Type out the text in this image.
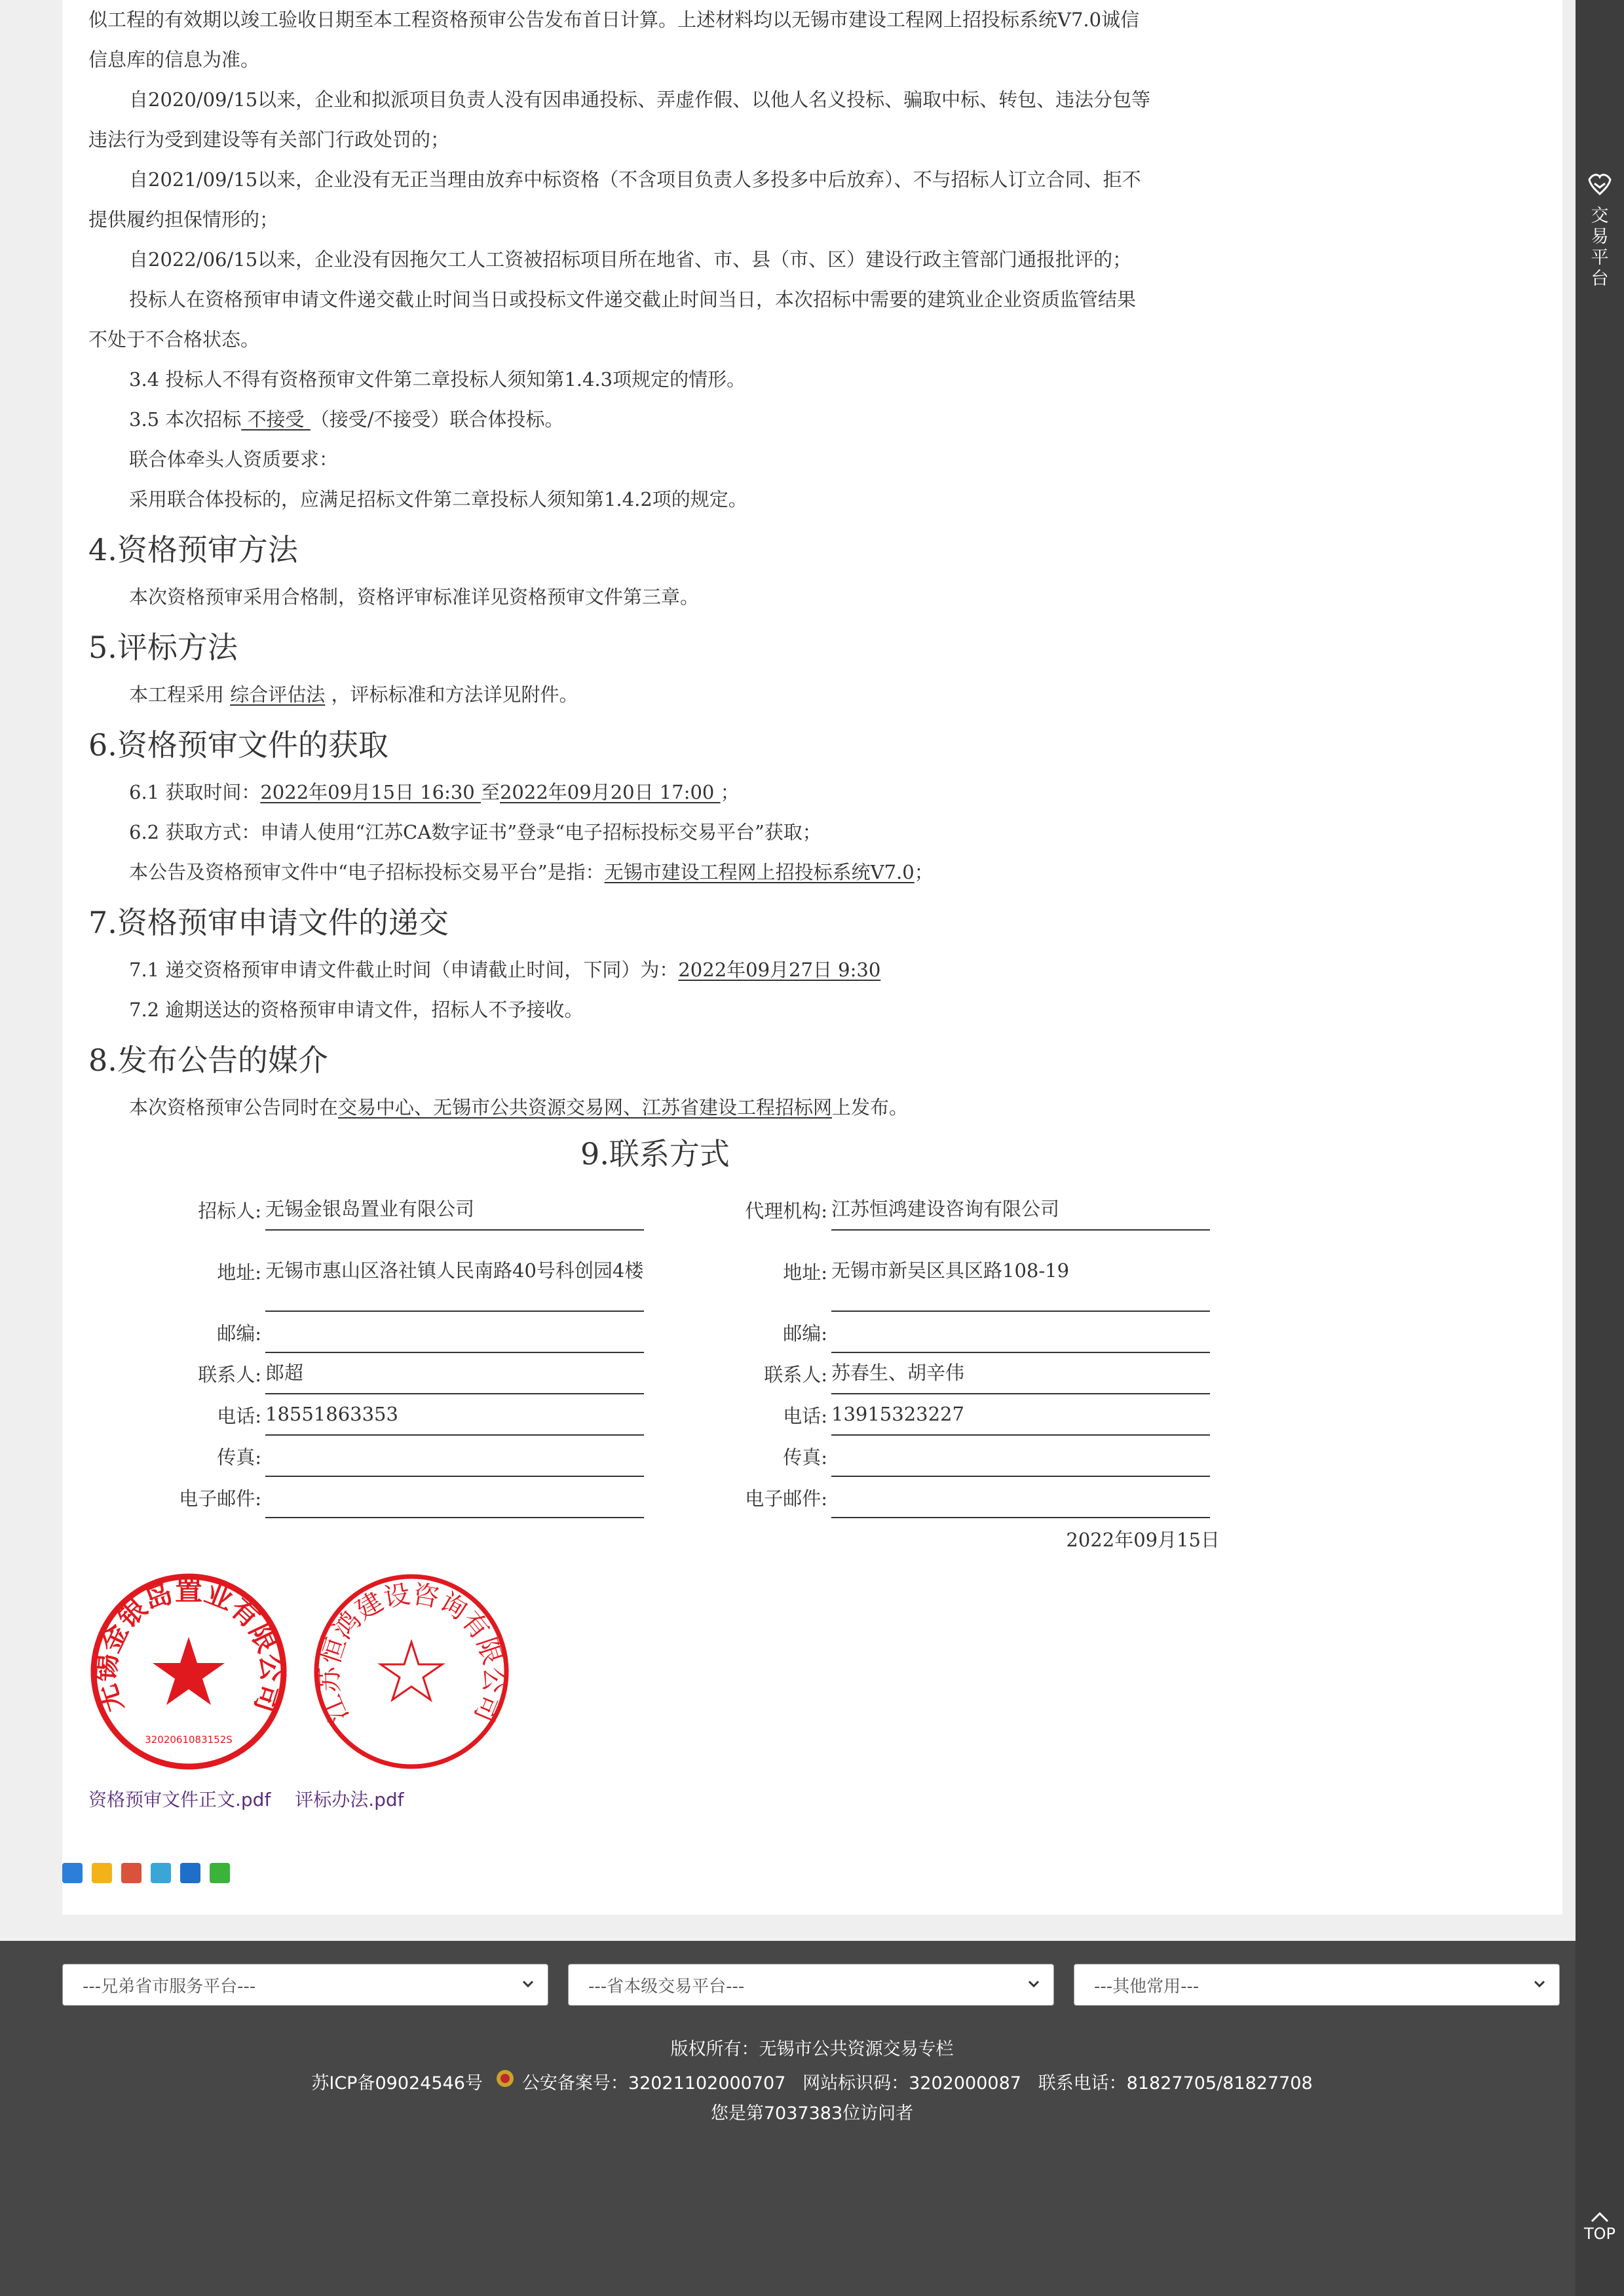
交易平台
TOP
似工程的有效期以竣工验收日期至本工程资格预审公告发布首日计算。上述材料均以无锡市建设工程网上招投标系统V7.0诚信
信息库的信息为准。
自2020/09/15以来，企业和拟派项目负责人没有因串通投标、弄虚作假、以他人名义投标、骗取中标、转包、违法分包等
违法行为受到建设等有关部门行政处罚的；
自2021/09/15以来，企业没有无正当理由放弃中标资格（不含项目负责人多投多中后放弃）、不与招标人订立合同、拒不
提供履约担保情形的；
自2022/06/15以来，企业没有因拖欠工人工资被招标项目所在地省、市、县（市、区）建设行政主管部门通报批评的；
投标人在资格预审申请文件递交截止时间当日或投标文件递交截止时间当日，本次招标中需要的建筑业企业资质监管结果
不处于不合格状态。
3.4 投标人不得有资格预审文件第二章投标人须知第1.4.3项规定的情形。
3.5 本次招标 不接受 （接受/不接受）联合体投标。
联合体牵头人资质要求：
采用联合体投标的，应满足招标文件第二章投标人须知第1.4.2项的规定。
4.资格预审方法
本次资格预审采用合格制，资格评审标准详见资格预审文件第三章。
5.评标方法
本工程采用 综合评估法 ，评标标准和方法详见附件。
6.资格预审文件的获取
6.1 获取时间：2022年09月15日 16:30 至2022年09月20日 17:00 ；
6.2 获取方式：申请人使用“江苏CA数字证书”登录“电子招标投标交易平台”获取；
本公告及资格预审文件中“电子招标投标交易平台”是指：无锡市建设工程网上招投标系统V7.0；
7.资格预审申请文件的递交
7.1 递交资格预审申请文件截止时间（申请截止时间，下同）为：2022年09月27日 9:30
7.2 逾期送达的资格预审申请文件，招标人不予接收。
8.发布公告的媒介
本次资格预审公告同时在交易中心、无锡市公共资源交易网、江苏省建设工程招标网上发布。
9.联系方式
招标人: 无锡金银岛置业有限公司	代理机构: 江苏恒鸿建设咨询有限公司
地址: 无锡市惠山区洛社镇人民南路40号科创园4楼	地址: 无锡市新吴区具区路108-19
邮编:	邮编:
联系人: 郎超	联系人: 苏春生、胡辛伟
电话: 18551863353	电话: 13915323227
传真:	传真:
电子邮件:	电子邮件:
2022年09月15日
无锡金银岛置业有限公司
3202061083152S
江苏恒鸿建设咨询有限公司
资格预审文件正文.pdf 评标办法.pdf
---兄弟省市服务平台---	---省本级交易平台---	---其他常用---
版权所有：无锡市公共资源交易专栏
苏ICP备09024546号 公安备案号：32021102000707 网站标识码：3202000087 联系电话：81827705/81827708
您是第7037383位访问者
